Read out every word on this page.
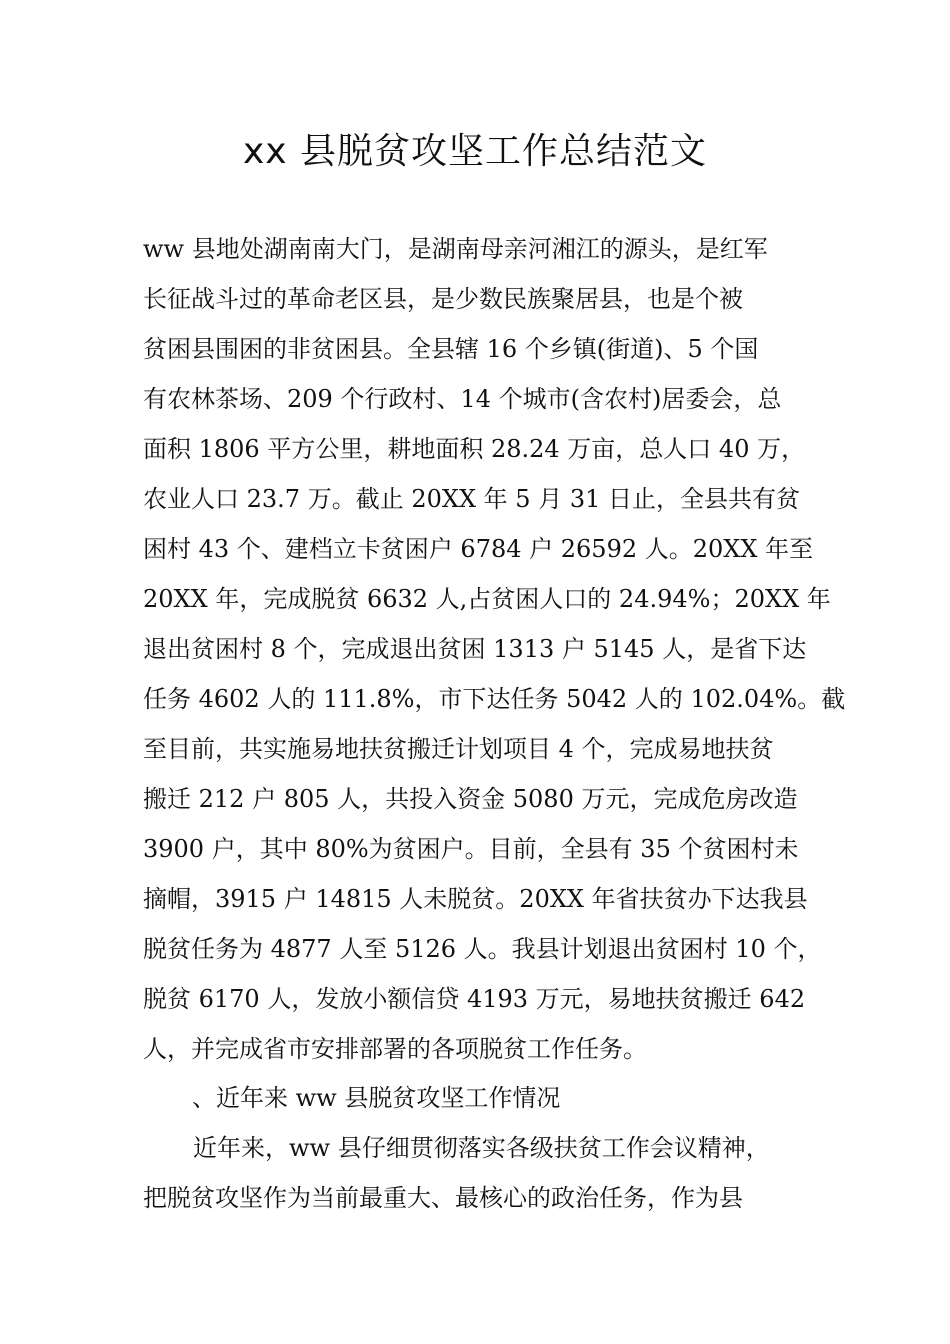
xx 县脱贫攻坚工作总结范文
ww 县地处湖南南大门，是湖南母亲河湘江的源头，是红军
长征战斗过的革命老区县，是少数民族聚居县，也是个被
贫困县围困的非贫困县。全县辖 16 个乡镇(街道)、5 个国
有农林茶场、209 个行政村、14 个城市(含农村)居委会，总
面积 1806 平方公里，耕地面积 28.24 万亩，总人口 40 万，
农业人口 23.7 万。截止 20XX 年 5 月 31 日止，全县共有贫
困村 43 个、建档立卡贫困户 6784 户 26592 人。20XX 年至
20XX 年，完成脱贫 6632 人,占贫困人口的 24.94%；20XX 年
退出贫困村 8 个，完成退出贫困 1313 户 5145 人，是省下达
任务 4602 人的 111.8%，市下达任务 5042 人的 102.04%。截
至目前，共实施易地扶贫搬迁计划项目 4 个，完成易地扶贫
搬迁 212 户 805 人，共投入资金 5080 万元，完成危房改造
3900 户，其中 80%为贫困户。目前，全县有 35 个贫困村未
摘帽，3915 户 14815 人未脱贫。20XX 年省扶贫办下达我县
脱贫任务为 4877 人至 5126 人。我县计划退出贫困村 10 个，
脱贫 6170 人，发放小额信贷 4193 万元，易地扶贫搬迁 642
人，并完成省市安排部署的各项脱贫工作任务。
、近年来 ww 县脱贫攻坚工作情况
近年来，ww 县仔细贯彻落实各级扶贫工作会议精神，
把脱贫攻坚作为当前最重大、最核心的政治任务，作为县
